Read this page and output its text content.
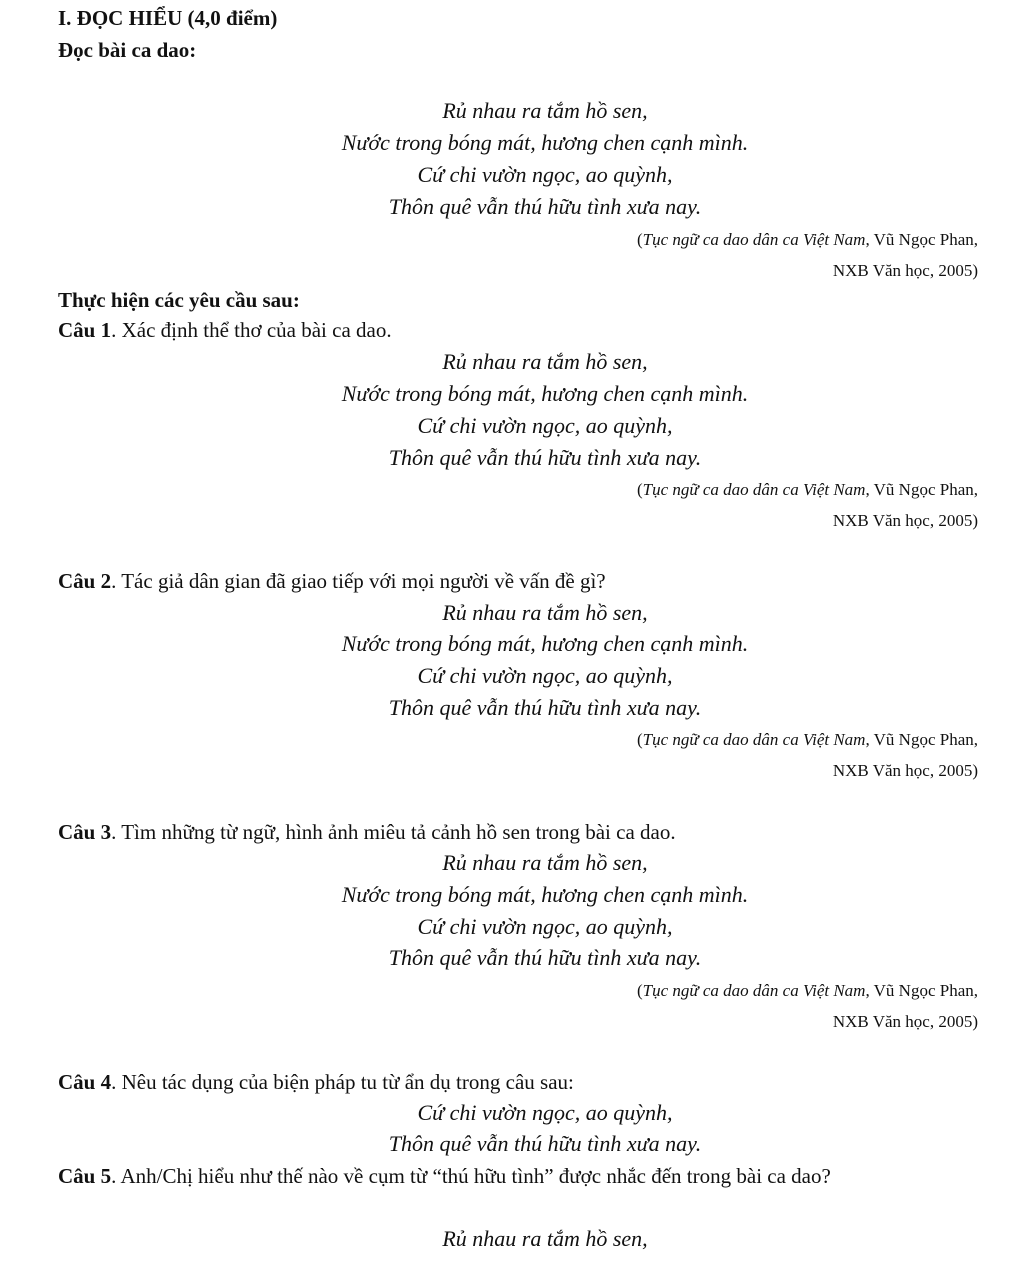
I. ĐỌC HIỂU (4,0 điểm)
Đọc bài ca dao:
Rủ nhau ra tắm hồ sen,
Nước trong bóng mát, hương chen cạnh mình.
Cứ chi vườn ngọc, ao quỳnh,
Thôn quê vẫn thú hữu tình xưa nay.
(Tục ngữ ca dao dân ca Việt Nam, Vũ Ngọc Phan,
NXB Văn học, 2005)
Thực hiện các yêu cầu sau:
Câu 1. Xác định thể thơ của bài ca dao.
Rủ nhau ra tắm hồ sen,
Nước trong bóng mát, hương chen cạnh mình.
Cứ chi vườn ngọc, ao quỳnh,
Thôn quê vẫn thú hữu tình xưa nay.
(Tục ngữ ca dao dân ca Việt Nam, Vũ Ngọc Phan,
NXB Văn học, 2005)
Câu 2. Tác giả dân gian đã giao tiếp với mọi người về vấn đề gì?
Rủ nhau ra tắm hồ sen,
Nước trong bóng mát, hương chen cạnh mình.
Cứ chi vườn ngọc, ao quỳnh,
Thôn quê vẫn thú hữu tình xưa nay.
(Tục ngữ ca dao dân ca Việt Nam, Vũ Ngọc Phan,
NXB Văn học, 2005)
Câu 3. Tìm những từ ngữ, hình ảnh miêu tả cảnh hồ sen trong bài ca dao.
Rủ nhau ra tắm hồ sen,
Nước trong bóng mát, hương chen cạnh mình.
Cứ chi vườn ngọc, ao quỳnh,
Thôn quê vẫn thú hữu tình xưa nay.
(Tục ngữ ca dao dân ca Việt Nam, Vũ Ngọc Phan,
NXB Văn học, 2005)
Câu 4. Nêu tác dụng của biện pháp tu từ ẩn dụ trong câu sau:
Cứ chi vườn ngọc, ao quỳnh,
Thôn quê vẫn thú hữu tình xưa nay.
Câu 5. Anh/Chị hiểu như thế nào về cụm từ “thú hữu tình” được nhắc đến trong bài ca dao?
Rủ nhau ra tắm hồ sen,
